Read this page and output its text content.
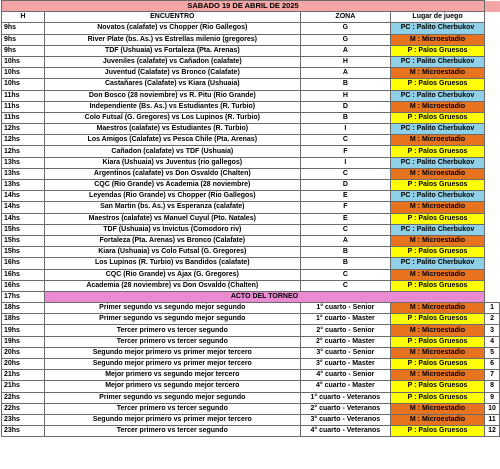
SABADO 19 DE ABRIL DE 2025				
H	ENCUENTRO	ZONA	Lugar de juego	
9hs	Novatos (calafate) vs Chopper (Rio Gallegos)	G	PC : Palito Cherbukov	
9hs	River Plate (bs. As.) vs Estrellas milenio (gregores)	G	M : Microestadio	
9hs	TDF (Ushuaia) vs Fortaleza (Pta. Arenas)	A	P : Palos Gruesos	
10hs	Juveniles (calafate) vs Cañadon (calafate)	H	PC : Palito Cherbukov	
10hs	Juventud (Calafate) vs Bronco (Calafate)	A	M : Microestadio	
10hs	Castañares (Calafate) vs Kiara (Ushuaia)	B	P : Palos Gruesos	
11hs	Don Bosco (28 noviembre) vs R. Pitu (Rio Grande)	H	PC : Palito Cherbukov	
11hs	Independiente (Bs. As.) vs Estudiantes (R. Turbio)	D	M : Microestadio	
11hs	Colo Futsal (G. Gregores) vs Los Lupinos (R. Turbio)	B	P : Palos Gruesos	
12hs	Maestros (calafate) vs Estudiantes (R. Turbio)	I	PC : Palito Cherbukov	
12hs	Los Amigos (Calafate) vs Pesca Chile (Pta. Arenas)	C	M : Microestadio	
12hs	Cañadon (calafate) vs TDF (Ushuaia)	F	P : Palos Gruesos	
13hs	Kiara (Ushuaia) vs Juventus (rio gallegos)	I	PC : Palito Cherbukov	
13hs	Argentinos (calafate) vs Don Osvaldo (Chalten)	C	M : Microestadio	
13hs	CQC (Rio Grande) vs Academia (28 noviembre)	D	P : Palos Gruesos	
14hs	Leyendas (Rio Grande) vs Chopper (Rio Gallegos)	E	PC : Palito Cherbukov	
14hs	San Martin (bs. As.) vs Esperanza (calafate)	F	M : Microestadio	
14hs	Maestros (calafate) vs Manuel Cuyul (Pto. Natales)	E	P : Palos Gruesos	
15hs	TDF (Ushuaia) vs Invictus (Comodoro riv)	C	PC : Palito Cherbukov	
15hs	Fortaleza (Pta. Arenas) vs Bronco (Calafate)	A	M : Microestadio	
15hs	Kiara (Ushuaia) vs Colo Futsal (G. Gregores)	B	P : Palos Gruesos	
16hs	Los Lupinos (R. Turbio) vs Bandidos (calafate)	B	PC : Palito Cherbukov	
16hs	CQC (Rio Grande) vs Ajax (G. Gregores)	C	M : Microestadio	
16hs	Academia (28 noviembre) vs Don Osvaldo (Chalten)	C	P : Palos Gruesos	
17hs	ACTO DEL TORNEO			
18hs	Primer segundo vs segundo mejor segundo	1° cuarto - Senior	M : Microestadio	1
18hs	Primer segundo vs segundo mejor segundo	1° cuarto - Master	P : Palos Gruesos	2
19hs	Tercer primero vs tercer segundo	2° cuarto - Senior	M : Microestadio	3
19hs	Tercer primero vs tercer segundo	2° cuarto - Master	P : Palos Gruesos	4
20hs	Segundo mejor primero vs primer mejor tercero	3° cuarto - Senior	M : Microestadio	5
20hs	Segundo mejor primero vs primer mejor tercero	3° cuarto - Master	P : Palos Gruesos	6
21hs	Mejor primero vs segundo mejor tercero	4° cuarto - Senior	M : Microestadio	7
21hs	Mejor primero vs segundo mejor tercero	4° cuarto - Master	P : Palos Gruesos	8
22hs	Primer segundo vs segundo mejor segundo	1° cuarto - Veteranos	P : Palos Gruesos	9
22hs	Tercer primero vs tercer segundo	2° cuarto - Veteranos	M : Microestadio	10
23hs	Segundo mejor primero vs primer mejor tercero	3° cuarto - Veteranos	M : Microestadio	11
23hs	Tercer primero vs tercer segundo	4° cuarto - Veteranos	P : Palos Gruesos	12
